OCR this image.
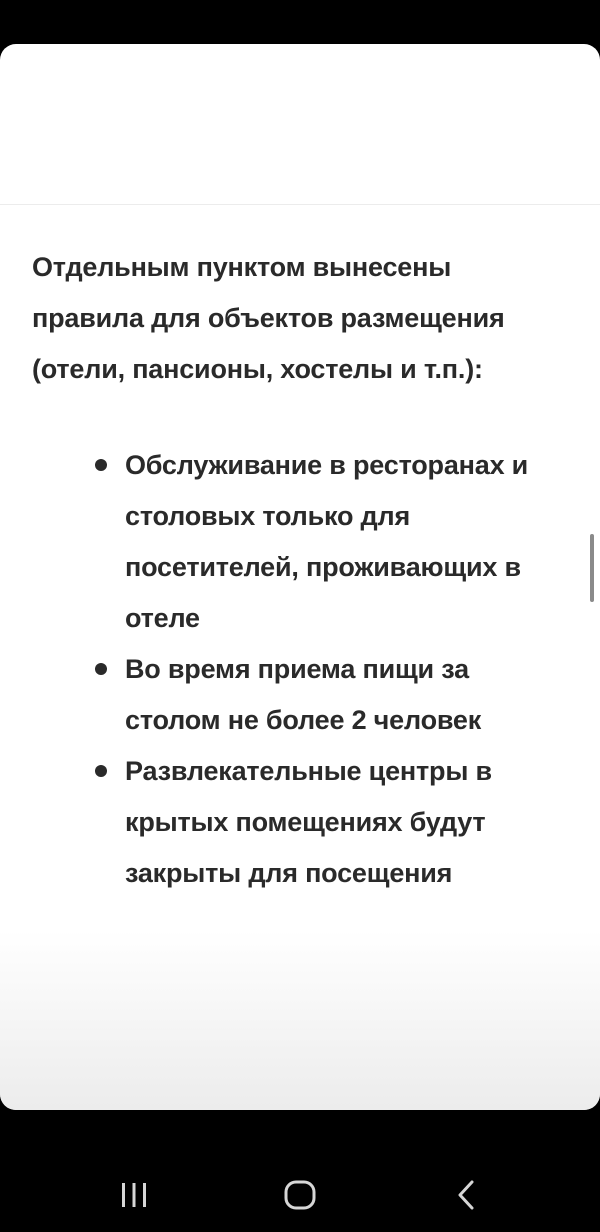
Отдельным пунктом вынесены правила для объектов размещения (отели, пансионы, хостелы и т.п.):

Обслуживание в ресторанах и столовых только для посетителей, проживающих в отеле
Во время приема пищи за столом не более 2 человек
Развлекательные центры в крытых помещениях будут закрыты для посещения
